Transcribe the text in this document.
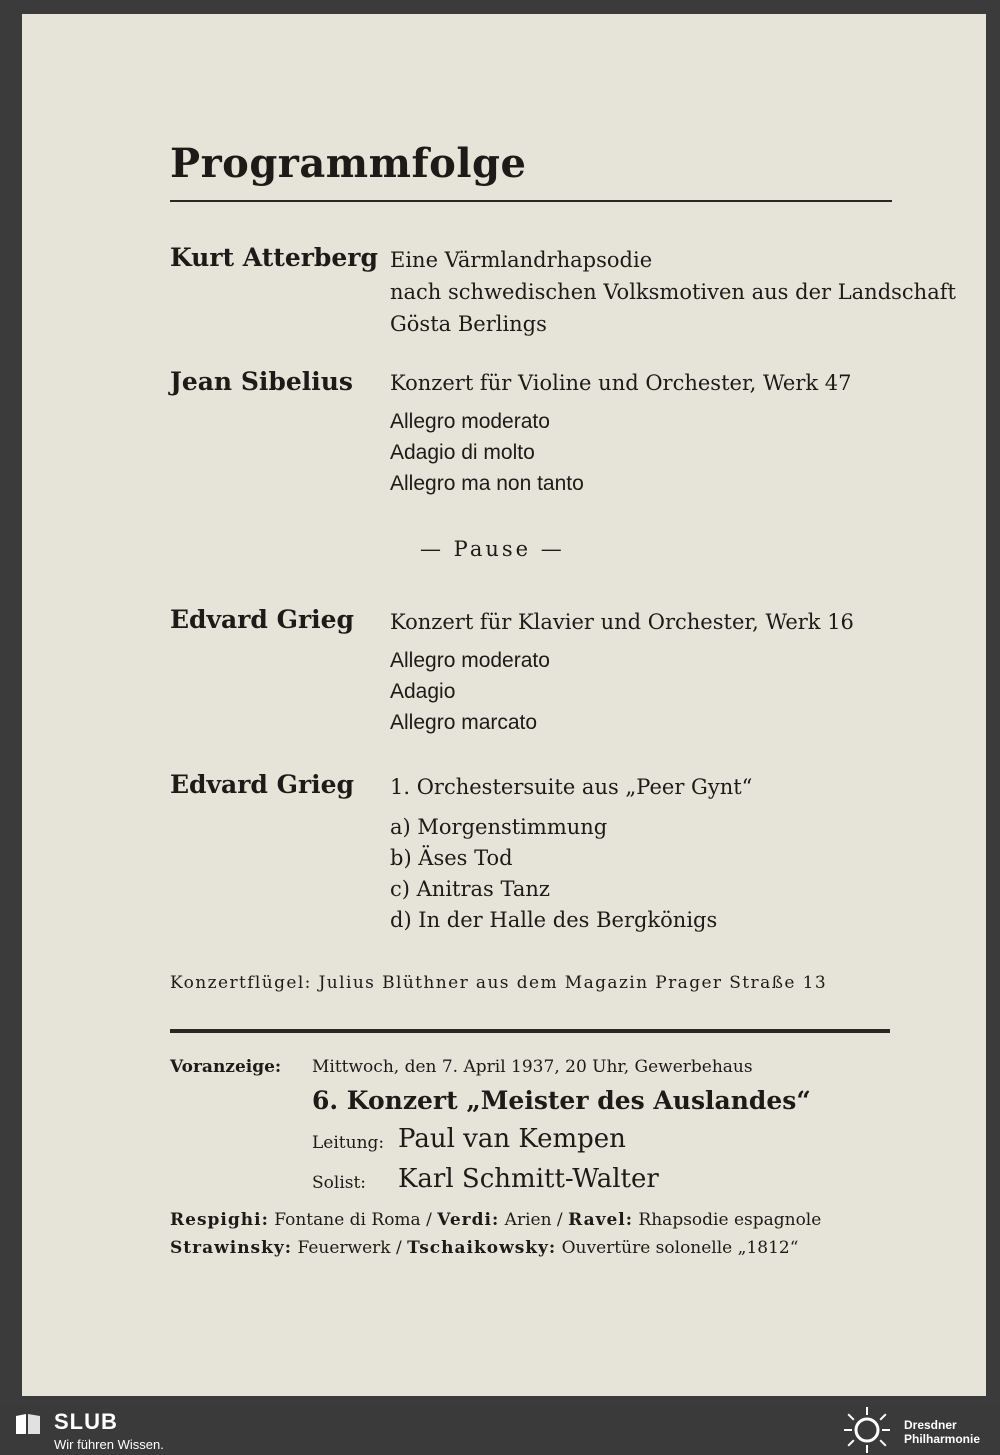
Programmfolge
Kurt Atterberg Eine Värmlandrhapsodie
nach schwedischen Volksmotiven aus der Landschaft
Gösta Berlings
Jean Sibelius Konzert für Violine und Orchester, Werk 47
Allegro moderato
Adagio di molto
Allegro ma non tanto
— Pause —
Edvard Grieg Konzert für Klavier und Orchester, Werk 16
Allegro moderato
Adagio
Allegro marcato
Edvard Grieg 1. Orchestersuite aus „Peer Gynt“
a) Morgenstimmung
b) Äses Tod
c) Anitras Tanz
d) In der Halle des Bergkönigs
Konzertflügel: Julius Blüthner aus dem Magazin Prager Straße 13
Voranzeige: Mittwoch, den 7. April 1937, 20 Uhr, Gewerbehaus
6. Konzert „Meister des Auslandes“
Leitung: Paul van Kempen
Solist: Karl Schmitt-Walter
Respighi: Fontane di Roma / Verdi: Arien / Ravel: Rhapsodie espagnole
Strawinsky: Feuerwerk / Tschaikowsky: Ouvertüre solonelle „1812“
SLUB
Wir führen Wissen.
Dresdner
Philharmonie
